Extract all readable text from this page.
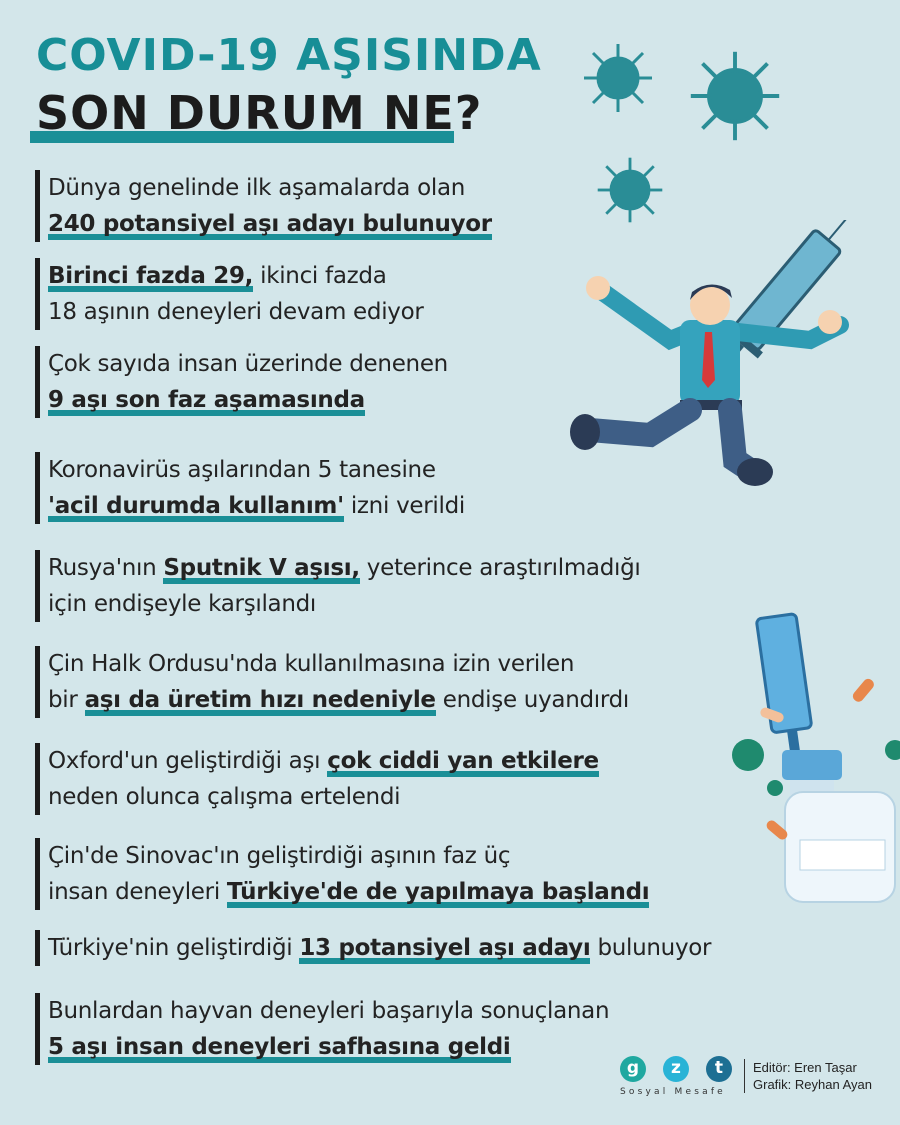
COVID-19 AŞISINDA
SON DURUM NE?
Dünya genelinde ilk aşamalarda olan
240 potansiyel aşı adayı bulunuyor
Birinci fazda 29, ikinci fazda
18 aşının deneyleri devam ediyor
Çok sayıda insan üzerinde denenen
9 aşı son faz aşamasında
Koronavirüs aşılarından 5 tanesine
'acil durumda kullanım' izni verildi
Rusya'nın Sputnik V aşısı, yeterince araştırılmadığı
için endişeyle karşılandı
Çin Halk Ordusu'nda kullanılmasına izin verilen
bir aşı da üretim hızı nedeniyle endişe uyandırdı
Oxford'un geliştirdiği aşı çok ciddi yan etkilere
neden olunca çalışma ertelendi
Çin'de Sinovac'ın geliştirdiği aşının faz üç
insan deneyleri Türkiye'de de yapılmaya başlandı
Türkiye'nin geliştirdiği 13 potansiyel aşı adayı bulunuyor
Bunlardan hayvan deneyleri başarıyla sonuçlanan
5 aşı insan deneyleri safhasına geldi
g z t
Sosyal Mesafe
Editör: Eren Taşar
Grafik: Reyhan Ayan
